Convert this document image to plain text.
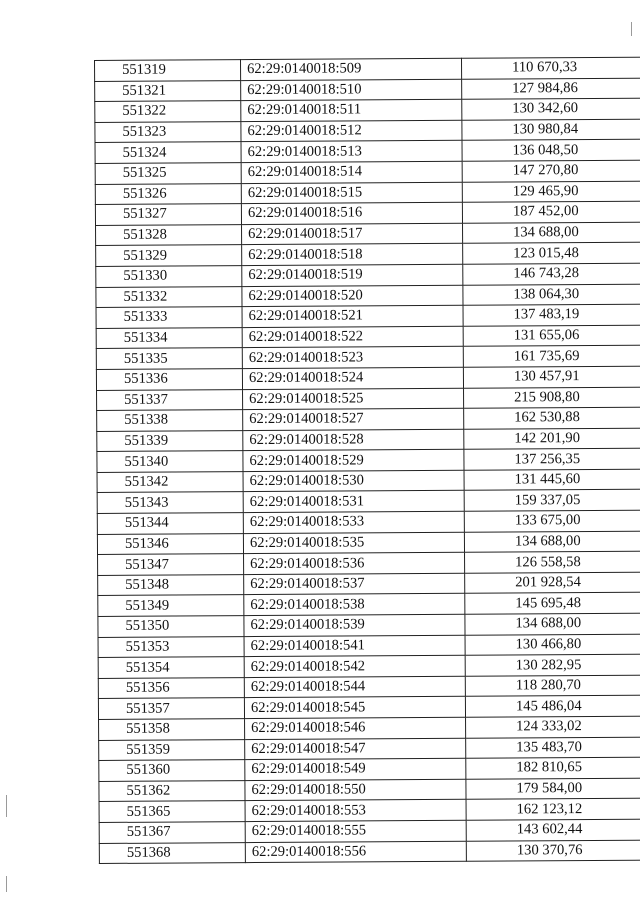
551319	62:29:0140018:509	110 670,33
551321	62:29:0140018:510	127 984,86
551322	62:29:0140018:511	130 342,60
551323	62:29:0140018:512	130 980,84
551324	62:29:0140018:513	136 048,50
551325	62:29:0140018:514	147 270,80
551326	62:29:0140018:515	129 465,90
551327	62:29:0140018:516	187 452,00
551328	62:29:0140018:517	134 688,00
551329	62:29:0140018:518	123 015,48
551330	62:29:0140018:519	146 743,28
551332	62:29:0140018:520	138 064,30
551333	62:29:0140018:521	137 483,19
551334	62:29:0140018:522	131 655,06
551335	62:29:0140018:523	161 735,69
551336	62:29:0140018:524	130 457,91
551337	62:29:0140018:525	215 908,80
551338	62:29:0140018:527	162 530,88
551339	62:29:0140018:528	142 201,90
551340	62:29:0140018:529	137 256,35
551342	62:29:0140018:530	131 445,60
551343	62:29:0140018:531	159 337,05
551344	62:29:0140018:533	133 675,00
551346	62:29:0140018:535	134 688,00
551347	62:29:0140018:536	126 558,58
551348	62:29:0140018:537	201 928,54
551349	62:29:0140018:538	145 695,48
551350	62:29:0140018:539	134 688,00
551353	62:29:0140018:541	130 466,80
551354	62:29:0140018:542	130 282,95
551356	62:29:0140018:544	118 280,70
551357	62:29:0140018:545	145 486,04
551358	62:29:0140018:546	124 333,02
551359	62:29:0140018:547	135 483,70
551360	62:29:0140018:549	182 810,65
551362	62:29:0140018:550	179 584,00
551365	62:29:0140018:553	162 123,12
551367	62:29:0140018:555	143 602,44
551368	62:29:0140018:556	130 370,76
